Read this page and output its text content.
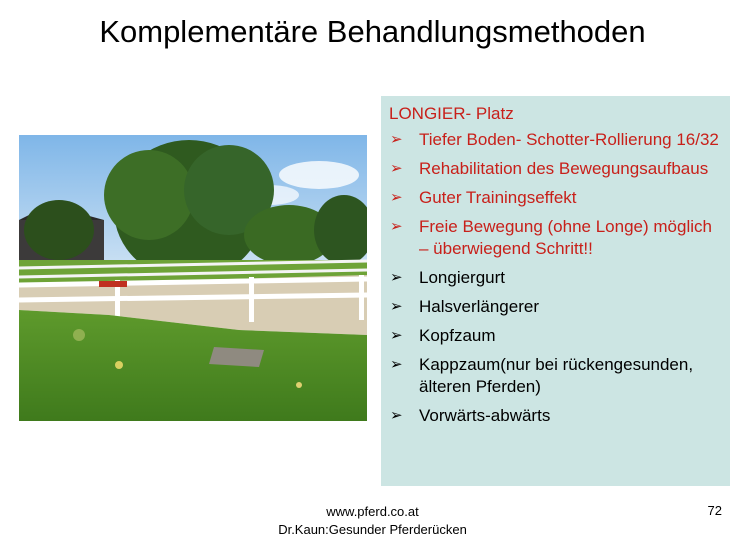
Komplementäre Behandlungsmethoden
LONGIER- Platz
➢ Tiefer Boden- Schotter-Rollierung 16/32
➢ Rehabilitation des Bewegungsaufbaus
➢ Guter Trainingseffekt
➢ Freie Bewegung (ohne Longe) möglich – überwiegend Schritt!!
➢ Longiergurt
➢ Halsverlängerer
➢ Kopfzaum
➢ Kappzaum(nur bei rückengesunden, älteren Pferden)
➢ Vorwärts-abwärts
www.pferd.co.at
Dr.Kaun:Gesunder Pferderücken
72
